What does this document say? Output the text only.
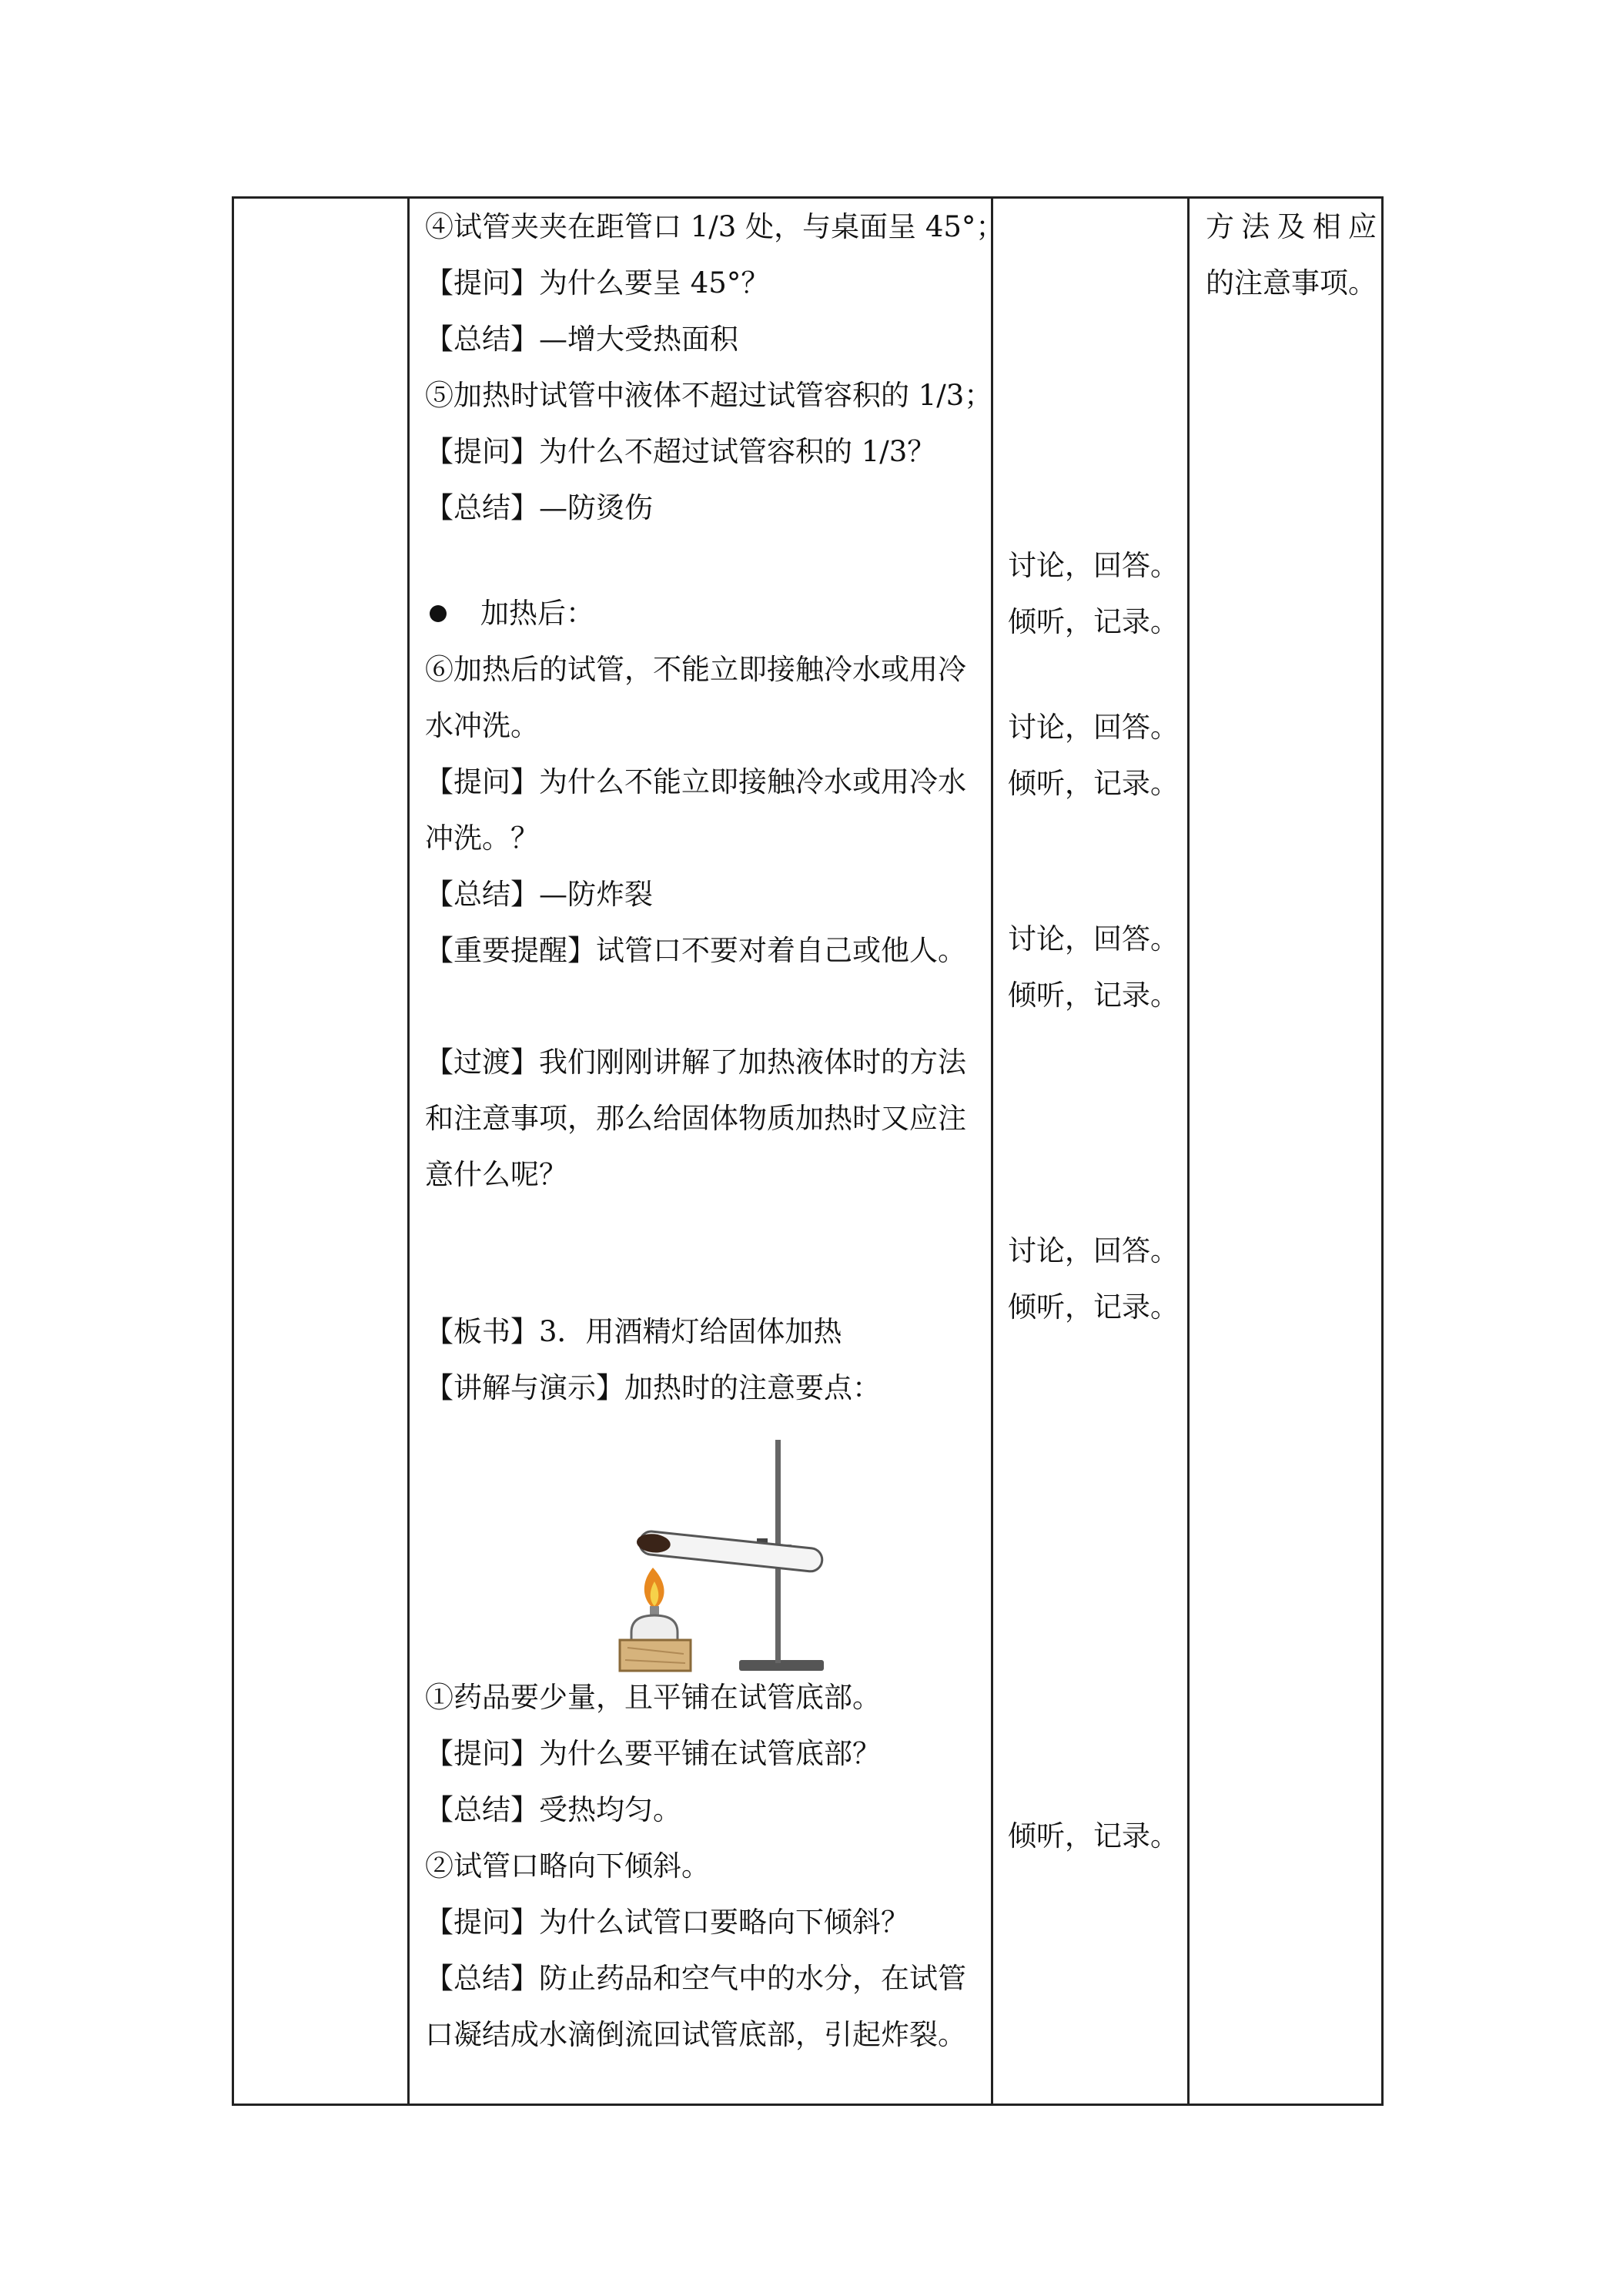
④试管夹夹在距管口 1/3 处，与桌面呈 45°；
【提问】为什么要呈 45°？
【总结】—增大受热面积
⑤加热时试管中液体不超过试管容积的 1/3；
【提问】为什么不超过试管容积的 1/3？
【总结】—防烫伤
加热后：
⑥加热后的试管，不能立即接触冷水或用冷
水冲洗。
【提问】为什么不能立即接触冷水或用冷水
冲洗。？
【总结】—防炸裂
【重要提醒】试管口不要对着自己或他人。
【过渡】我们刚刚讲解了加热液体时的方法
和注意事项，那么给固体物质加热时又应注
意什么呢？
【板书】3．用酒精灯给固体加热
【讲解与演示】加热时的注意要点：
①药品要少量，且平铺在试管底部。
【提问】为什么要平铺在试管底部？
【总结】受热均匀。
②试管口略向下倾斜。
【提问】为什么试管口要略向下倾斜？
【总结】防止药品和空气中的水分，在试管
口凝结成水滴倒流回试管底部，引起炸裂。
讨论，回答。
倾听，记录。
讨论，回答。
倾听，记录。
讨论，回答。
倾听，记录。
讨论，回答。
倾听，记录。
倾听，记录。
方法及相应
的注意事项。
